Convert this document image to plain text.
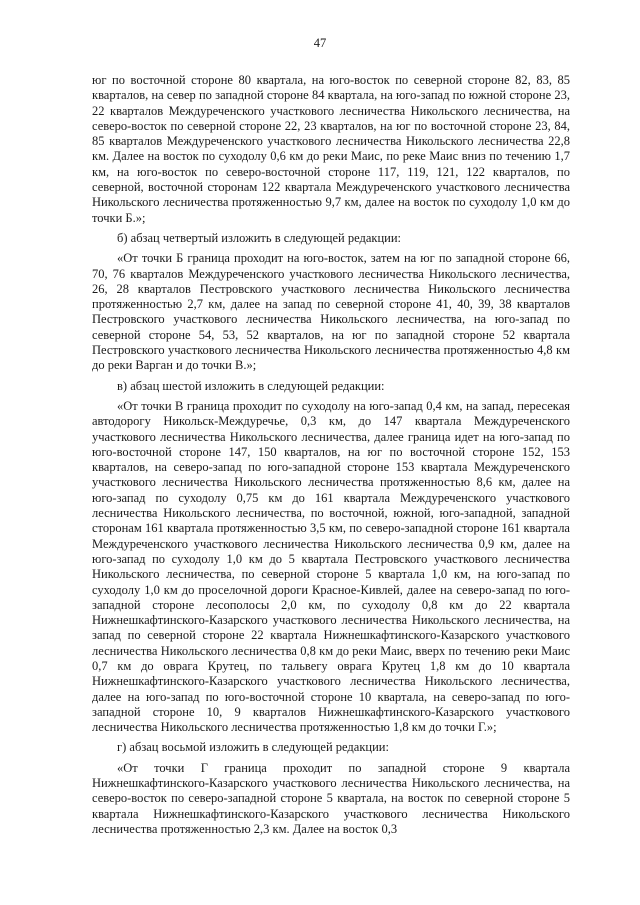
47

юг по восточной стороне 80 квартала, на юго-восток по северной стороне 82, 83, 85 кварталов, на север по западной стороне 84 квартала, на юго-запад по южной стороне 23, 22 кварталов Междуреченского участкового лесничества Никольского лесничества, на северо-восток по северной стороне 22, 23 кварталов, на юг по восточной стороне 23, 84, 85 кварталов Междуреченского участкового лесничества Никольского лесничества 22,8 км. Далее на восток по суходолу 0,6 км до реки Маис, по реке Маис вниз по течению 1,7 км, на юго-восток по северо-восточной стороне 117, 119, 121, 122 кварталов, по северной, восточной сторонам 122 квартала Междуреченского участкового лесничества Никольского лесничества протяженностью 9,7 км, далее на восток по суходолу 1,0 км до точки Б.»;

б) абзац четвертый изложить в следующей редакции:

«От точки Б граница проходит на юго-восток, затем на юг по западной стороне 66, 70, 76 кварталов Междуреченского участкового лесничества Никольского лесничества, 26, 28 кварталов Пестровского участкового лесничества Никольского лесничества протяженностью 2,7 км, далее на запад по северной стороне 41, 40, 39, 38 кварталов Пестровского участкового лесничества Никольского лесничества, на юго-запад по северной стороне 54, 53, 52 кварталов, на юг по западной стороне 52 квартала Пестровского участкового лесничества Никольского лесничества протяженностью 4,8 км до реки Варган и до точки В.»;

в) абзац шестой изложить в следующей редакции:

«От точки В граница проходит по суходолу на юго-запад 0,4 км, на запад, пересекая автодорогу Никольск-Междуречье, 0,3 км, до 147 квартала Междуреченского участкового лесничества Никольского лесничества, далее граница идет на юго-запад по юго-восточной стороне 147, 150 кварталов, на юг по восточной стороне 152, 153 кварталов, на северо-запад по юго-западной стороне 153 квартала Междуреченского участкового лесничества Никольского лесничества протяженностью 8,6 км, далее на юго-запад по суходолу 0,75 км до 161 квартала Междуреченского участкового лесничества Никольского лесничества, по восточной, южной, юго-западной, западной сторонам 161 квартала протяженностью 3,5 км, по северо-западной стороне 161 квартала Междуреченского участкового лесничества Никольского лесничества 0,9 км, далее на юго-запад по суходолу 1,0 км до 5 квартала Пестровского участкового лесничества Никольского лесничества, по северной стороне 5 квартала 1,0 км, на юго-запад по суходолу 1,0 км до проселочной дороги Красное-Кивлей, далее на северо-запад по юго-западной стороне лесополосы 2,0 км, по суходолу 0,8 км до 22 квартала Нижнешкафтинского-Казарского участкового лесничества Никольского лесничества, на запад по северной стороне 22 квартала Нижнешкафтинского-Казарского участкового лесничества Никольского лесничества 0,8 км до реки Маис, вверх по течению реки Маис 0,7 км до оврага Крутец, по тальвегу оврага Крутец 1,8 км до 10 квартала Нижнешкафтинского-Казарского участкового лесничества Никольского лесничества, далее на юго-запад по юго-восточной стороне 10 квартала, на северо-запад по юго-западной стороне 10, 9 кварталов Нижнешкафтинского-Казарского участкового лесничества Никольского лесничества протяженностью 1,8 км до точки Г.»;

г) абзац восьмой изложить в следующей редакции:

«От точки Г граница проходит по западной стороне 9 квартала Нижнешкафтинского-Казарского участкового лесничества Никольского лесничества, на северо-восток по северо-западной стороне 5 квартала, на восток по северной стороне 5 квартала Нижнешкафтинского-Казарского участкового лесничества Никольского лесничества протяженностью 2,3 км. Далее на восток 0,3
